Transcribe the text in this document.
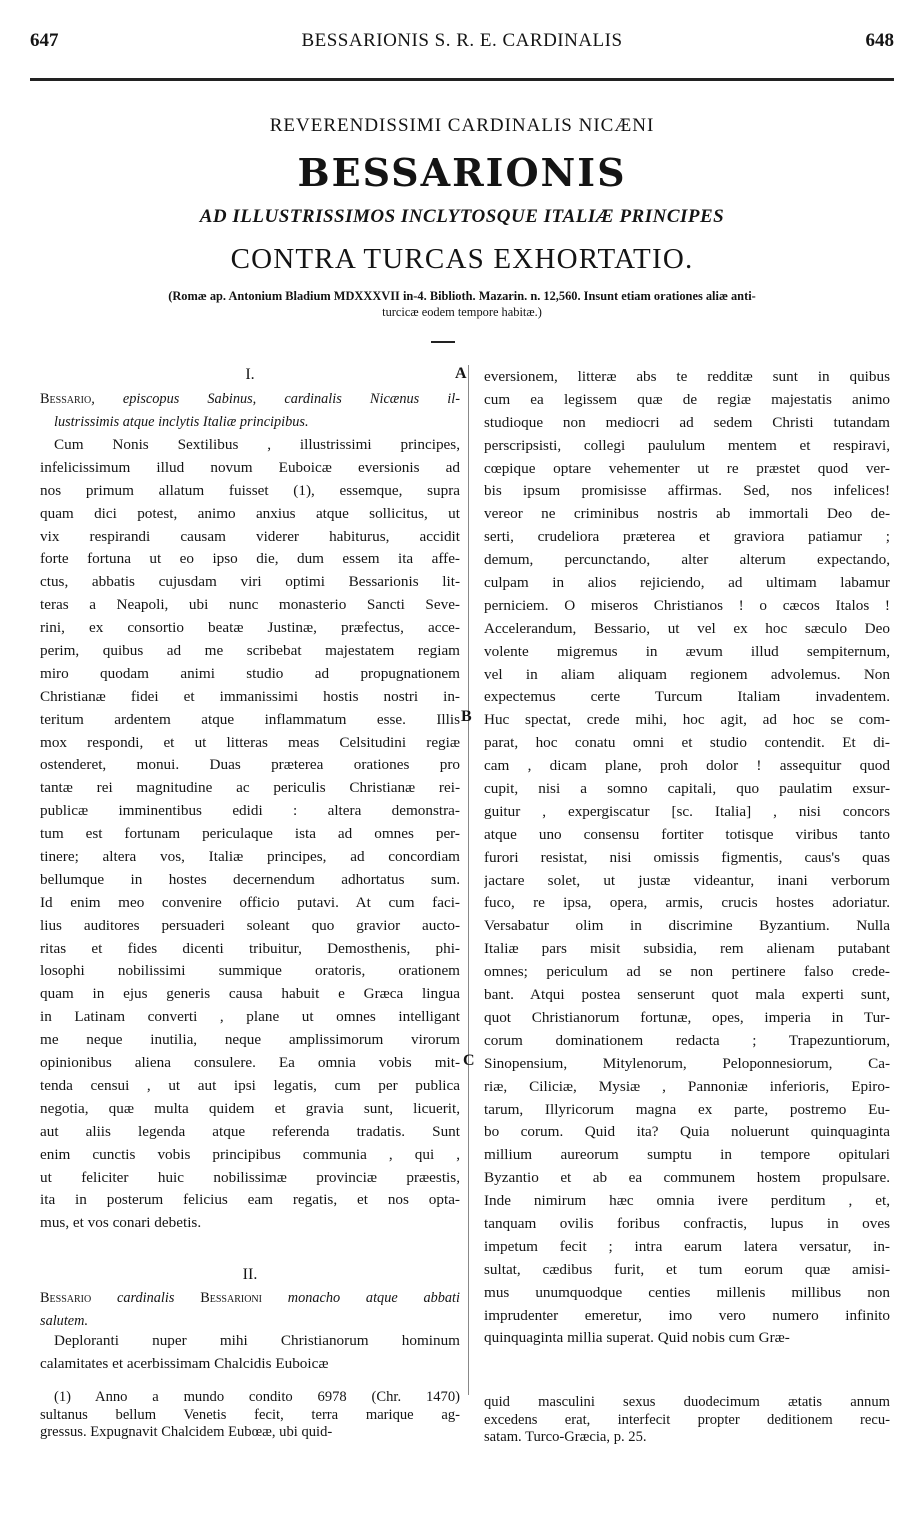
647	BESSARIONIS S. R. E. CARDINALIS	648
REVERENDISSIMI CARDINALIS NICÆNI
BESSARIONIS
AD ILLUSTRISSIMOS INCLYTOSQUE ITALIÆ PRINCIPES
CONTRA TURCAS EXHORTATIO.
(Romæ ap. Antonium Bladium MDXXXVII in-4. Biblioth. Mazarin. n. 12,560. Insunt etiam orationes aliæ anti-
turcicæ eodem tempore habitæ.)
A
B
C
I.
Bessario, episcopus Sabinus, cardinalis Nicænus il-
lustrissimis atque inclytis Italiæ principibus.
Cum Nonis Sextilibus , illustrissimi principes,
infelicissimum illud novum Euboicæ eversionis ad
nos primum allatum fuisset (1), essemque, supra
quam dici potest, animo anxius atque sollicitus, ut
vix respirandi causam viderer habiturus, accidit
forte fortuna ut eo ipso die, dum essem ita affe-
ctus, abbatis cujusdam viri optimi Bessarionis lit-
teras a Neapoli, ubi nunc monasterio Sancti Seve-
rini, ex consortio beatæ Justinæ, præfectus, acce-
perim, quibus ad me scribebat majestatem regiam
miro quodam animi studio ad propugnationem
Christianæ fidei et immanissimi hostis nostri in-
teritum ardentem atque inflammatum esse. Illis
mox respondi, et ut litteras meas Celsitudini regiæ
ostenderet, monui. Duas præterea orationes pro
tantæ rei magnitudine ac periculis Christianæ rei-
publicæ imminentibus edidi : altera demonstra-
tum est fortunam periculaque ista ad omnes per-
tinere; altera vos, Italiæ principes, ad concordiam
bellumque in hostes decernendum adhortatus sum.
Id enim meo convenire officio putavi. At cum faci-
lius auditores persuaderi soleant quo gravior aucto-
ritas et fides dicenti tribuitur, Demosthenis, phi-
losophi nobilissimi summique oratoris, orationem
quam in ejus generis causa habuit e Græca lingua
in Latinam converti , plane ut omnes intelligant
me neque inutilia, neque amplissimorum virorum
opinionibus aliena consulere. Ea omnia vobis mit-
tenda censui , ut aut ipsi legatis, cum per publica
negotia, quæ multa quidem et gravia sunt, licuerit,
aut aliis legenda atque referenda tradatis. Sunt
enim cunctis vobis principibus communia , qui ,
ut feliciter huic nobilissimæ provinciæ præestis,
ita in posterum felicius eam regatis, et nos opta-
mus, et vos conari debetis.
II.
Bessario cardinalis Bessarioni monacho atque abbati
salutem.
Deploranti nuper mihi Christianorum hominum
calamitates et acerbissimam Chalcidis Euboicæ
(1) Anno a mundo condito 6978 (Chr. 1470)
sultanus bellum Venetis fecit, terra marique ag-
gressus. Expugnavit Chalcidem Eubœæ, ubi quid-
eversionem, litteræ abs te redditæ sunt in quibus
cum ea legissem quæ de regiæ majestatis animo
studioque non mediocri ad sedem Christi tutandam
perscripsisti, collegi paululum mentem et respiravi,
cœpique optare vehementer ut re præstet quod ver-
bis ipsum promisisse affirmas. Sed, nos infelices!
vereor ne criminibus nostris ab immortali Deo de-
serti, crudeliora præterea et graviora patiamur ;
demum, percunctando, alter alterum expectando,
culpam in alios rejiciendo, ad ultimam labamur
perniciem. O miseros Christianos ! o cæcos Italos !
Accelerandum, Bessario, ut vel ex hoc sæculo Deo
volente migremus in ævum illud sempiternum,
vel in aliam aliquam regionem advolemus. Non
expectemus certe Turcum Italiam invadentem.
Huc spectat, crede mihi, hoc agit, ad hoc se com-
parat, hoc conatu omni et studio contendit. Et di-
cam , dicam plane, proh dolor ! assequitur quod
cupit, nisi a somno capitali, quo paulatim exsur-
guitur , expergiscatur [sc. Italia] , nisi concors
atque uno consensu fortiter totisque viribus tanto
furori resistat, nisi omissis figmentis, caus's quas
jactare solet, ut justæ videantur, inani verborum
fuco, re ipsa, opera, armis, crucis hostes adoriatur.
Versabatur olim in discrimine Byzantium. Nulla
Italiæ pars misit subsidia, rem alienam putabant
omnes; periculum ad se non pertinere falso crede-
bant. Atqui postea senserunt quot mala experti sunt,
quot Christianorum fortunæ, opes, imperia in Tur-
corum dominationem redacta ; Trapezuntiorum,
Sinopensium, Mitylenorum, Peloponnesiorum, Ca-
riæ, Ciliciæ, Mysiæ , Pannoniæ inferioris, Epiro-
tarum, Illyricorum magna ex parte, postremo Eu-
bo corum. Quid ita? Quia noluerunt quinquaginta
millium aureorum sumptu in tempore opitulari
Byzantio et ab ea communem hostem propulsare.
Inde nimirum hæc omnia ivere perditum , et,
tanquam ovilis foribus confractis, lupus in oves
impetum fecit ; intra earum latera versatur, in-
sultat, cædibus furit, et tum eorum quæ amisi-
mus unumquodque centies millenis millibus non
imprudenter emeretur, imo vero numero infinito
quinquaginta millia superat. Quid nobis cum Græ-
quid masculini sexus duodecimum ætatis annum
excedens erat, interfecit propter deditionem recu-
satam. Turco-Græcia, p. 25.
